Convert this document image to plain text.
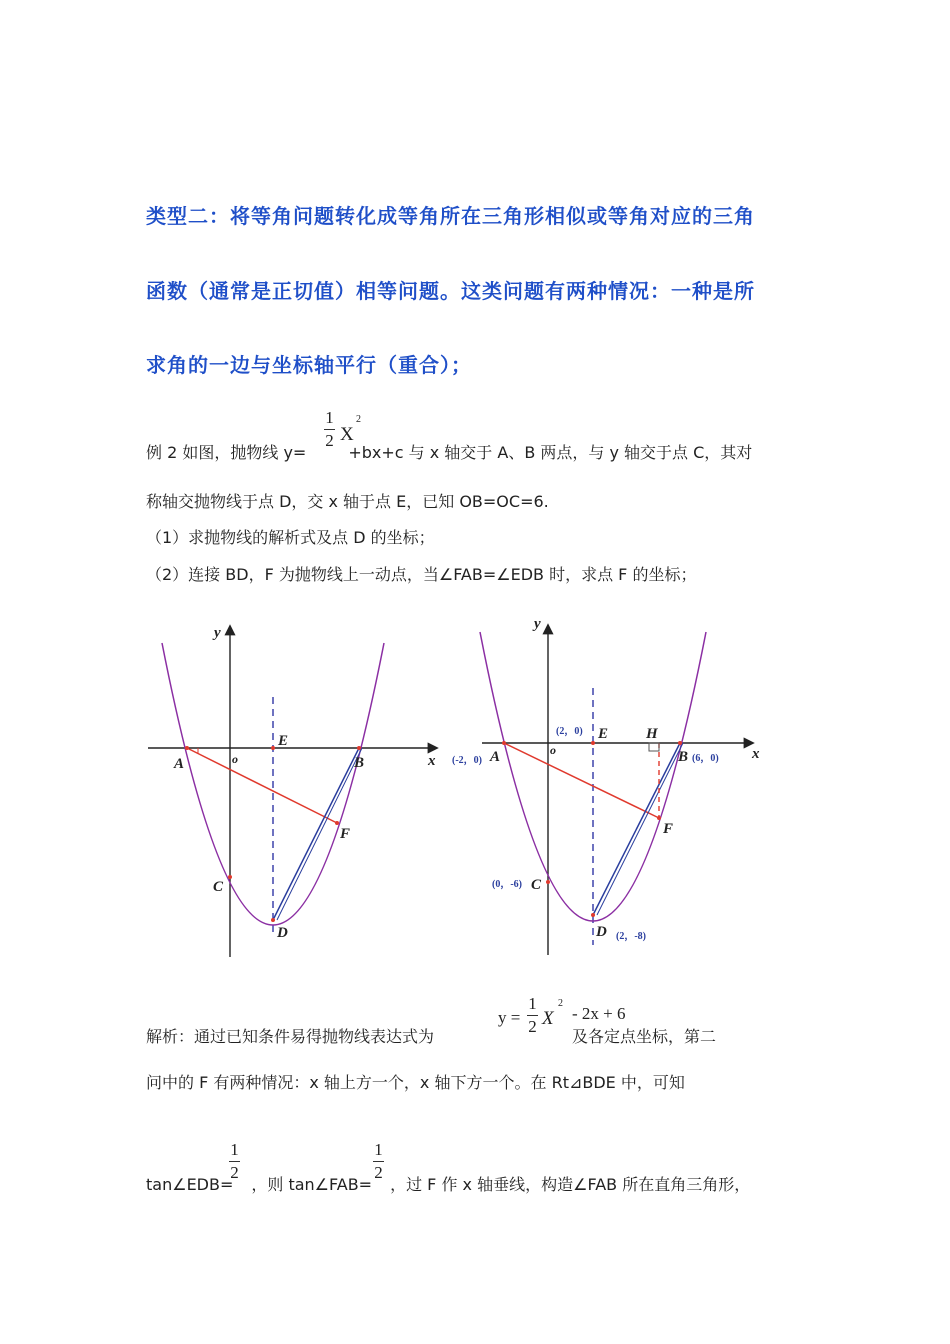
类型二：将等角问题转化成等角所在三角形相似或等角对应的三角
函数（通常是正切值）相等问题。这类问题有两种情况：一种是所
求角的一边与坐标轴平行（重合）；
例 2 如图，抛物线 y=	+bx+c 与 x 轴交于 A、B 两点，与 y 轴交于点 C，其对
1
2 X
2
称轴交抛物线于点 D，交 x 轴于点 E，已知 OB=OC=6.
（1）求抛物线的解析式及点 D 的坐标；
（2）连接 BD，F 为抛物线上一动点，当∠FAB=∠EDB 时，求点 F 的坐标；
y
x
o
A	B
E
F
C
D
y
x
o
A	B
E	H
F
C
D
(-2，0)
(2，0)
(6，0)
(0，-6)
(2，-8)
解析：通过已知条件易得抛物线表达式为	及各定点坐标，第二
y =
1
2 X
2
- 2x + 6
问中的 F 有两种情况：x 轴上方一个，x 轴下方一个。在 Rt⊿BDE 中，可知
tan∠EDB= ，则 tan∠FAB= ，过 F 作 x 轴垂线，构造∠FAB 所在直角三角形，
1
2
1
2
